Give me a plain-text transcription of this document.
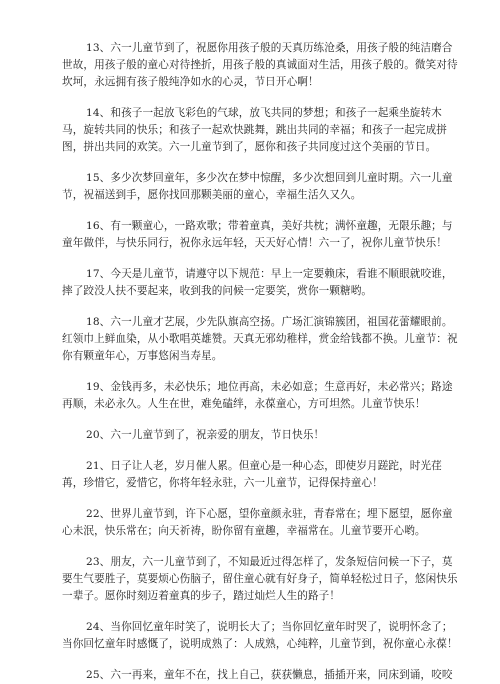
13、六一儿童节到了，祝愿你用孩子般的天真历练沧桑，用孩子般的纯洁磨合世故，用孩子般的童心对待挫折，用孩子般的真诚面对生活，用孩子般的。微笑对待坎坷，永远拥有孩子般纯净如水的心灵，节日开心啊！

14、和孩子一起放飞彩色的气球，放飞共同的梦想；和孩子一起乘坐旋转木 马，旋转共同的快乐；和孩子一起欢快跳舞，跳出共同的幸福；和孩子一起完成拼 图，拼出共同的欢笑。六一儿童节到了，愿你和孩子共同度过这个美丽的节日。

15、多少次梦回童年，多少次在梦中惊醒，多少次想回到儿童时期。六一儿童节，祝福送到手，愿你找回那颗美丽的童心，幸福生活久又久。

16、有一颗童心，一路欢歌；带着童真，美好共枕；满怀童趣，无限乐趣；与童年做伴，与快乐同行，祝你永远年轻，天天好心情！六一了，祝你儿童节快乐！

17、今天是儿童节，请遵守以下规范：早上一定要赖床，看谁不顺眼就咬谁，摔了跤没人扶不要起来，收到我的问候一定要笑，赏你一颗糖哟。

18、六一儿童才艺展，少先队旗高空扬。广场汇演锦簇团，祖国花蕾耀眼前。红领巾上鲜血染，从小歌唱英雄赞。天真无邪幼稚样，赏金给钱都不换。儿童节：祝你有颗童年心，万事悠闲当寿星。

19、金钱再多，未必快乐；地位再高，未必如意；生意再好，未必常兴；路途再顺，未必永久。人生在世，难免磕绊，永葆童心，方可坦然。儿童节快乐！

20、六一儿童节到了，祝亲爱的朋友，节日快乐！

21、日子让人老，岁月催人累。但童心是一种心态，即使岁月蹉跎，时光荏 苒，珍惜它，爱惜它，你将年轻永驻，六一儿童节，记得保持童心！

22、世界儿童节到，许下心愿，望你童颜永驻，青春常在；埋下愿望，愿你童心未泯，快乐常在；向天祈祷，盼你留有童趣，幸福常在。儿童节要开心哟。

23、朋友，六一儿童节到了，不知最近过得怎样了，发条短信问候一下子，莫要生气要胜子，莫要烦心伤脑子，留住童心就有好身子，简单轻松过日子，悠闲快乐一辈子。愿你时刻迈着童真的步子，踏过灿烂人生的路子！

24、当你回忆童年时笑了，说明长大了；当你回忆童年时哭了，说明怀念了；当你回忆童年时感慨了，说明成熟了：人成熟，心纯粹，儿童节到，祝你童心永葆！

25、六一再来，童年不在，找上自己，获获懒息，插插开来，同床到诵，咬咬
